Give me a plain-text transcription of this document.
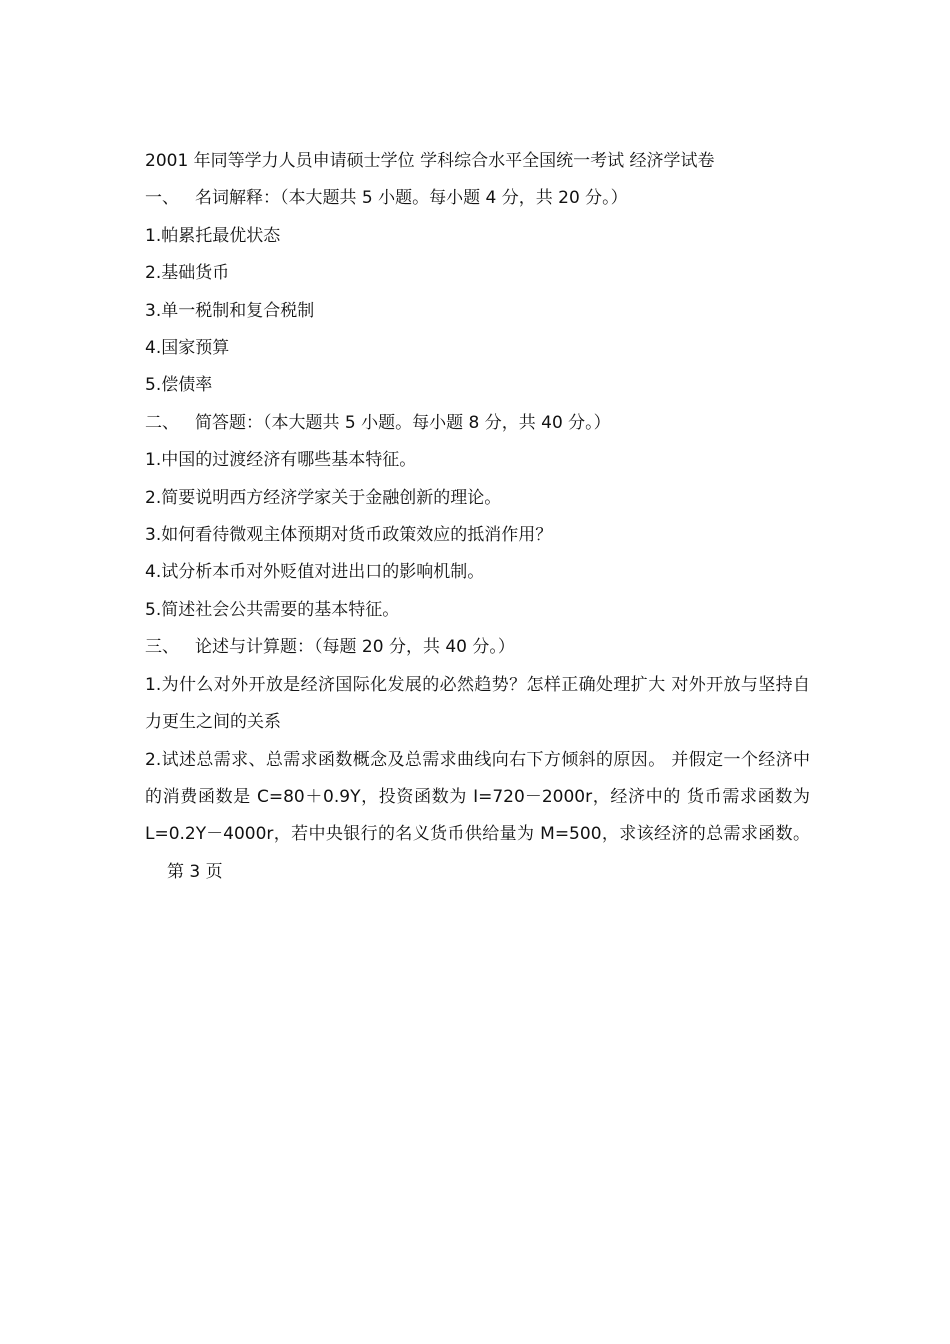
2001 年同等学力人员申请硕士学位 学科综合水平全国统一考试 经济学试卷

一、 名词解释：（本大题共 5 小题。每小题 4 分，共 20 分。）

1.帕累托最优状态

2.基础货币

3.单一税制和复合税制

4.国家预算

5.偿债率

二、 简答题：（本大题共 5 小题。每小题 8 分，共 40 分。）

1.中国的过渡经济有哪些基本特征。

2.简要说明西方经济学家关于金融创新的理论。

3.如何看待微观主体预期对货币政策效应的抵消作用？

4.试分析本币对外贬值对进出口的影响机制。

5.简述社会公共需要的基本特征。

三、 论述与计算题：（每题 20 分，共 40 分。）

1.为什么对外开放是经济国际化发展的必然趋势？怎样正确处理扩大 对外开放与坚持自力更生之间的关系

2.试述总需求、总需求函数概念及总需求曲线向右下方倾斜的原因。 并假定一个经济中的消费函数是 C=80＋0.9Y，投资函数为 I=720－2000r，经济中的 货币需求函数为 L=0.2Y－4000r，若中央银行的名义货币供给量为 M=500，求该经济的总需求函数。第 3 页
